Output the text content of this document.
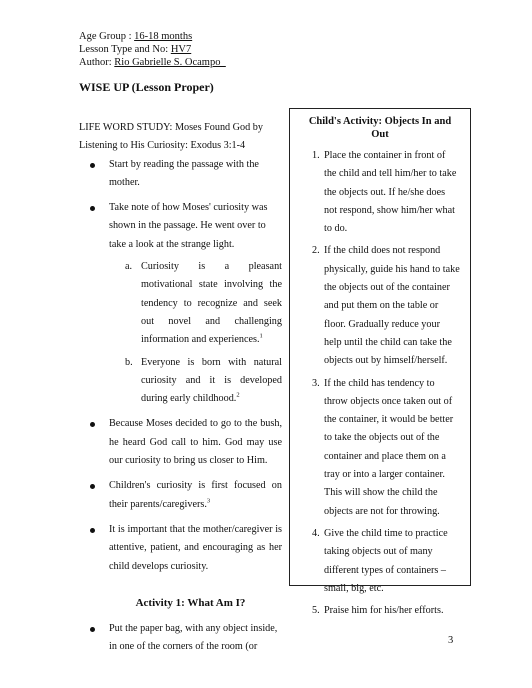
Age Group : 16-18 months
Lesson Type and No: HV7
Author: Rio Gabrielle S. Ocampo_
WISE UP (Lesson Proper)

LIFE WORD STUDY: Moses Found God by Listening to His Curiosity: Exodus 3:1-4

Start by reading the passage with the mother.
Take note of how Moses' curiosity was shown in the passage. He went over to take a look at the strange light.
a. Curiosity is a pleasant motivational state involving the tendency to recognize and seek out novel and challenging information and experiences.$^1$
b. Everyone is born with natural curiosity and it is developed during early childhood.$^2$
Because Moses decided to go to the bush, he heard God call to him. God may use our curiosity to bring us closer to Him.
Children's curiosity is first focused on their parents/caregivers.$^3$
It is important that the mother/caregiver is attentive, patient, and encouraging as her child develops curiosity.
Activity 1: What Am I?
Put the paper bag, with any object inside, in one of the corners of the room (or
Child's Activity: Objects In and Out
1. Place the container in front of the child and tell him/her to take the objects out. If he/she does not respond, show him/her what to do.
2. If the child does not respond physically, guide his hand to take the objects out of the container and put them on the table or floor. Gradually reduce your help until the child can take the objects out by himself/herself.
3. If the child has tendency to throw objects once taken out of the container, it would be better to take the objects out of the container and place them on a tray or into a larger container. This will show the child the objects are not for throwing.
4. Give the child time to practice taking objects out of many different types of containers – small, big, etc.
5. Praise him for his/her efforts.
3
